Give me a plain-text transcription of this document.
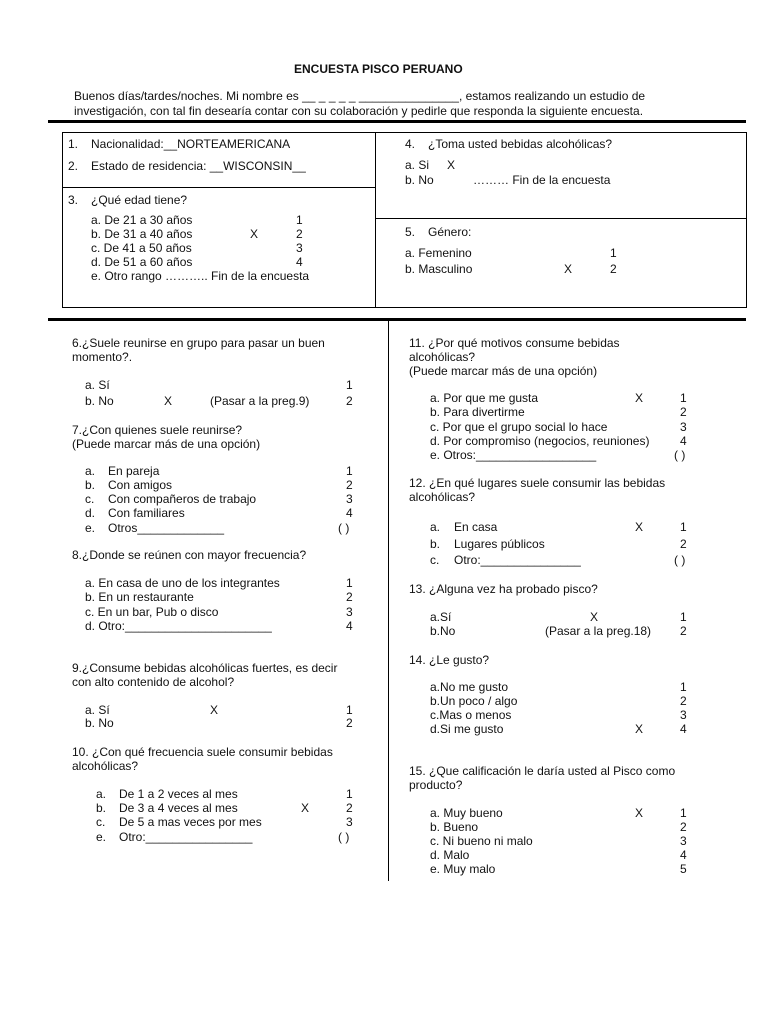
ENCUESTA PISCO PERUANO
Buenos días/tardes/noches. Mi nombre es __ _ _ _ _ _______________, estamos realizando un estudio de
investigación, con tal fin desearía contar con su colaboración y pedirle que responda la siguiente encuesta.
1. Nacionalidad:__NORTEAMERICANA
2. Estado de residencia: __WISCONSIN__
3. ¿Qué edad tiene?
a. De 21 a 30 años	1
b. De 31 a 40 años	X	2
c. De 41 a 50 años	3
d. De 51 a 60 años	4
e. Otro rango ……….. Fin de la encuesta
4. ¿Toma usted bebidas alcohólicas?
a. Si X
b. No	……… Fin de la encuesta
5. Género:
a. Femenino	1
b. Masculino	X	2
6.¿Suele reunirse en grupo para pasar un buen
momento?.
a. Sí	1
b. No	X	(Pasar a la preg.9)	2
7.¿Con quienes suele reunirse?
(Puede marcar más de una opción)
a. En pareja	1
b. Con amigos	2
c. Con compañeros de trabajo	3
d. Con familiares	4
e. Otros_____________	( )
8.¿Donde se reúnen con mayor frecuencia?
a. En casa de uno de los integrantes	1
b. En un restaurante	2
c. En un bar, Pub o disco	3
d. Otro:______________________	4
9.¿Consume bebidas alcohólicas fuertes, es decir
con alto contenido de alcohol?
a. Sí	X	1
b. No	2
10. ¿Con qué frecuencia suele consumir bebidas
alcohólicas?
a. De 1 a 2 veces al mes	1
b. De 3 a 4 veces al mes	X	2
c. De 5 a mas veces por mes	3
e. Otro:________________	( )
11. ¿Por qué motivos consume bebidas
alcohólicas?
(Puede marcar más de una opción)
a. Por que me gusta	X	1
b. Para divertirme	2
c. Por que el grupo social lo hace	3
d. Por compromiso (negocios, reuniones)	4
e. Otros:__________________	( )
12. ¿En qué lugares suele consumir las bebidas
alcohólicas?
a. En casa	X	1
b. Lugares públicos	2
c. Otro:_______________	( )
13. ¿Alguna vez ha probado pisco?
a.Sí	X	1
b.No	(Pasar a la preg.18) 2
14. ¿Le gusto?
a.No me gusto	1
b.Un poco / algo	2
c.Mas o menos	3
d.Si me gusto	X	4
15. ¿Que calificación le daría usted al Pisco como
producto?
a. Muy bueno	X	1
b. Bueno	2
c. Ni bueno ni malo	3
d. Malo	4
e. Muy malo	5
